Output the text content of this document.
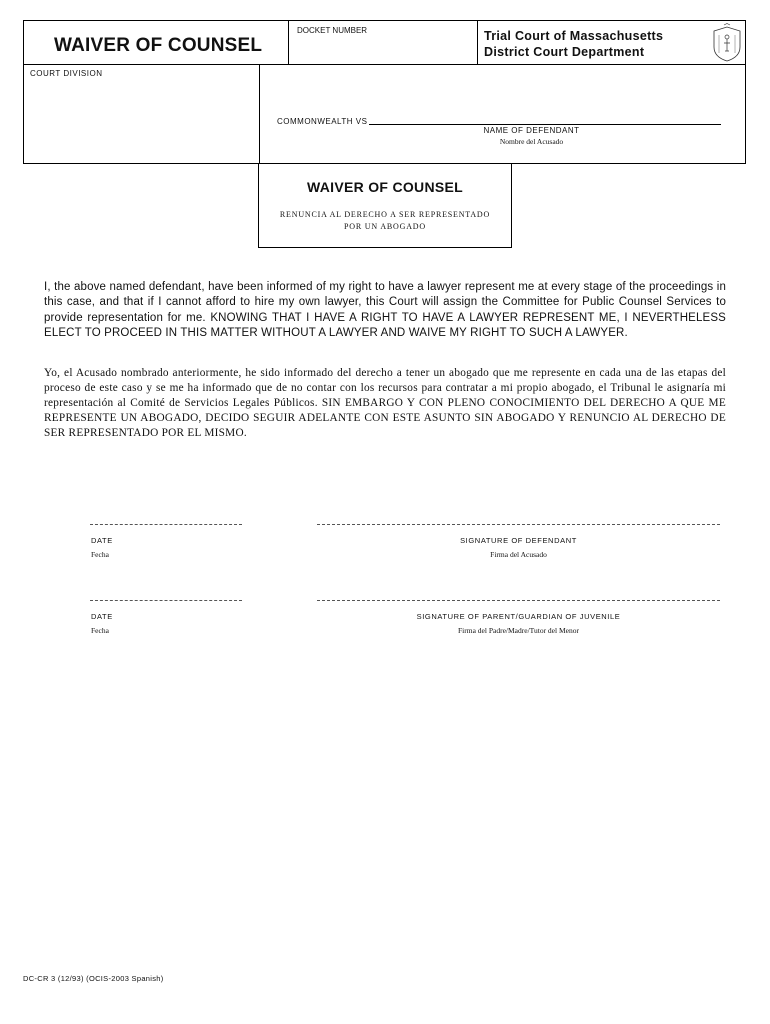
WAIVER OF COUNSEL
DOCKET NUMBER	Trial Court of Massachusetts
District Court Department
COURT DIVISION
COMMONWEALTH VS
NAME OF DEFENDANT
Nombre del Acusado
WAIVER OF COUNSEL
RENUNCIA AL DERECHO A SER REPRESENTADO
POR UN ABOGADO

I, the above named defendant, have been informed of my right to have a lawyer represent me at every stage of the proceedings in this case, and that if I cannot afford to hire my own lawyer, this Court will assign the Committee for Public Counsel Services to provide representation for me. KNOWING THAT I HAVE A RIGHT TO HAVE A LAWYER REPRESENT ME, I NEVERTHELESS ELECT TO PROCEED IN THIS MATTER WITHOUT A LAWYER AND WAIVE MY RIGHT TO SUCH A LAWYER.

Yo, el Acusado nombrado anteriormente, he sido informado del derecho a tener un abogado que me represente en cada una de las etapas del proceso de este caso y se me ha informado que de no contar con los recursos para contratar a mi propio abogado, el Tribunal le asignaría mi representación al Comité de Servicios Legales Públicos. SIN EMBARGO Y CON PLENO CONOCIMIENTO DEL DERECHO A QUE ME REPRESENTE UN ABOGADO, DECIDO SEGUIR ADELANTE CON ESTE ASUNTO SIN ABOGADO Y RENUNCIO AL DERECHO DE SER REPRESENTADO POR EL MISMO.

DATE
Fecha
SIGNATURE OF DEFENDANT
Firma del Acusado
DATE
Fecha
SIGNATURE OF PARENT/GUARDIAN OF JUVENILE
Firma del Padre/Madre/Tutor del Menor
DC-CR 3 (12/93) (OCIS-2003 Spanish)
